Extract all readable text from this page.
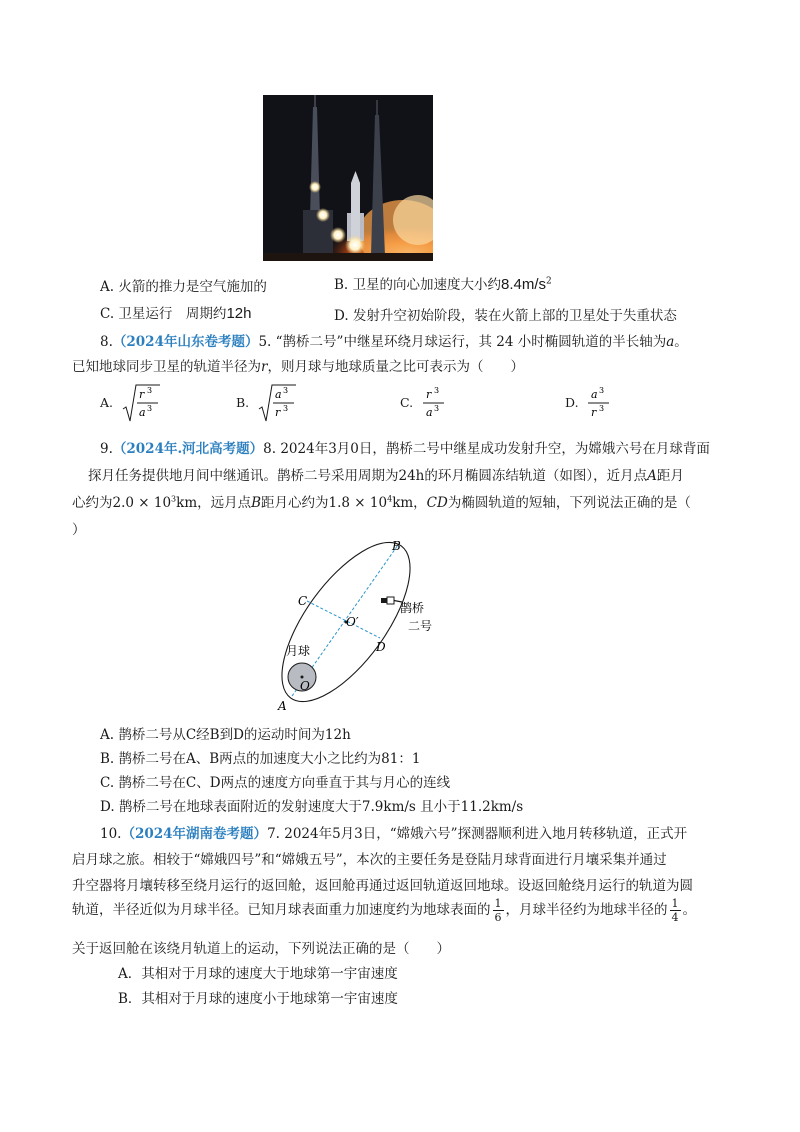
A. 火箭的推力是空气施加的	B. 卫星的向心加速度大小约$8.4m/s^2$
C. 卫星运行　周期约12h	D. 发射升空初始阶段，装在火箭上部的卫星处于失重状态
8.（2024年山东卷考题）5. “鹊桥二号”中继星环绕月球运行，其 24 小时椭圆轨道的半长轴为a。
已知地球同步卫星的轨道半径为r，则月球与地球质量之比可表示为（　　）
A.
r 3
a 3	B.
a 3
r 3	C.
r 3
a 3	D.
a 3
r 3
9.（2024年.河北高考题）8. 2024年3月0日，鹊桥二号中继星成功发射升空，为嫦娥六号在月球背面
探月任务提供地月间中继通讯。鹊桥二号采用周期为24h的环月椭圆冻结轨道（如图），近月点A距月
心约为$2.0 \times 10^3km$，远月点B距月心约为$1.8 \times 10^4km$，CD为椭圆轨道的短轴，下列说法正确的是（
）
B
C
D
A
O′
O
月球
鹊桥
二号
A. 鹊桥二号从C经B到D的运动时间为12h
B. 鹊桥二号在A、B两点的加速度大小之比约为81：1
C. 鹊桥二号在C、D两点的速度方向垂直于其与月心的连线
D. 鹊桥二号在地球表面附近的发射速度大于7.9km/s 且小于11.2km/s
10.（2024年湖南卷考题）7. 2024年5月3日，“嫦娥六号”探测器顺利进入地月转移轨道，正式开
启月球之旅。相较于“嫦娥四号”和“嫦娥五号”，本次的主要任务是登陆月球背面进行月壤采集并通过
升空器将月壤转移至绕月运行的返回舱，返回舱再通过返回轨道返回地球。设返回舱绕月运行的轨道为圆
轨道，半径近似为月球半径。已知月球表面重力加速度约为地球表面的 $\frac{1}{6}$ ，月球半径约为地球半径的 $\frac{1}{4}$ 。
关于返回舱在该绕月轨道上的运动，下列说法正确的是（　　）
A．其相对于月球的速度大于地球第一宇宙速度
B．其相对于月球的速度小于地球第一宇宙速度
